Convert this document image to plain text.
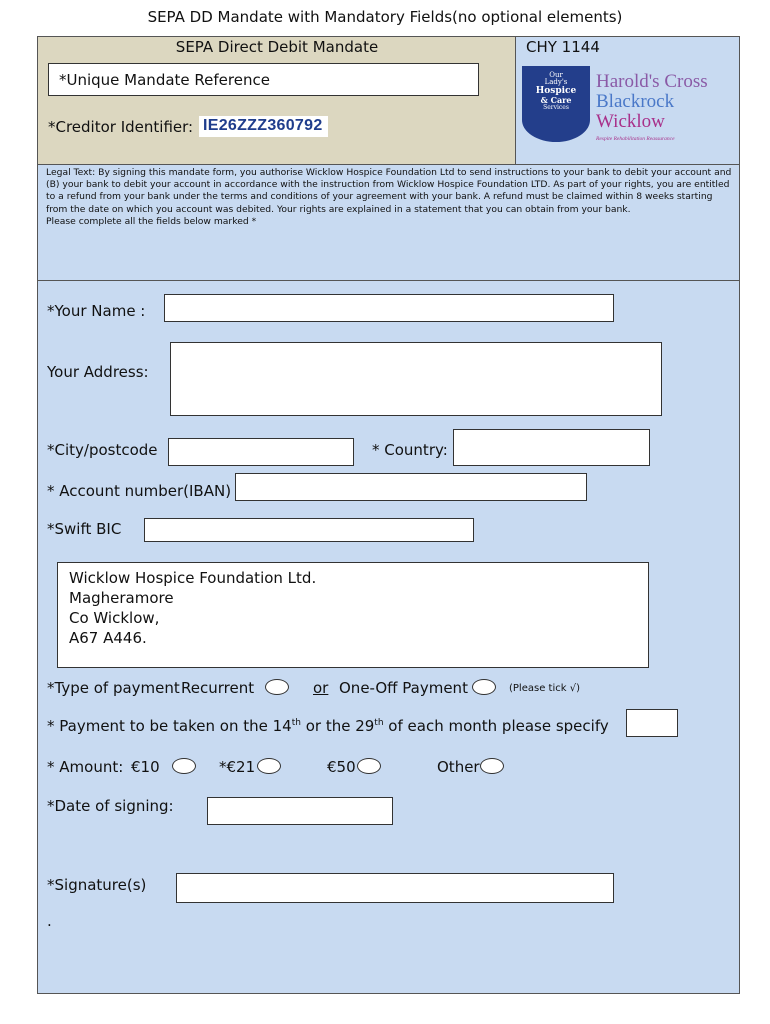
SEPA DD Mandate with Mandatory Fields(no optional elements)
SEPA Direct Debit Mandate	CHY 1144
*Unique Mandate Reference
*Creditor Identifier: IE26ZZZ360792
Our
Lady's
Hospice
& Care
Services
Harold's Cross
Blackrock
Wicklow
Respite Rehabilitation Reassurance
Legal Text: By signing this mandate form, you authorise Wicklow Hospice Foundation Ltd to send instructions to your bank to debit your account and (B) your bank to debit your account in accordance with the instruction from Wicklow Hospice Foundation LTD. As part of your rights, you are entitled to a refund from your bank under the terms and conditions of your agreement with your bank. A refund must be claimed within 8 weeks starting from the date on which you account was debited. Your rights are explained in a statement that you can obtain from your bank.
Please complete all the fields below marked *
*Your Name :
Your Address:
*City/postcode	* Country:
* Account number(IBAN)
*Swift BIC
Wicklow Hospice Foundation Ltd.
Magheramore
Co Wicklow,
A67 A446.
*Type of payment Recurrent	or One-Off Payment	(Please tick √)
* Payment to be taken on the 14th or the 29th of each month please specify
* Amount: €10	*€21	€50	Other
*Date of signing:
*Signature(s)
.
